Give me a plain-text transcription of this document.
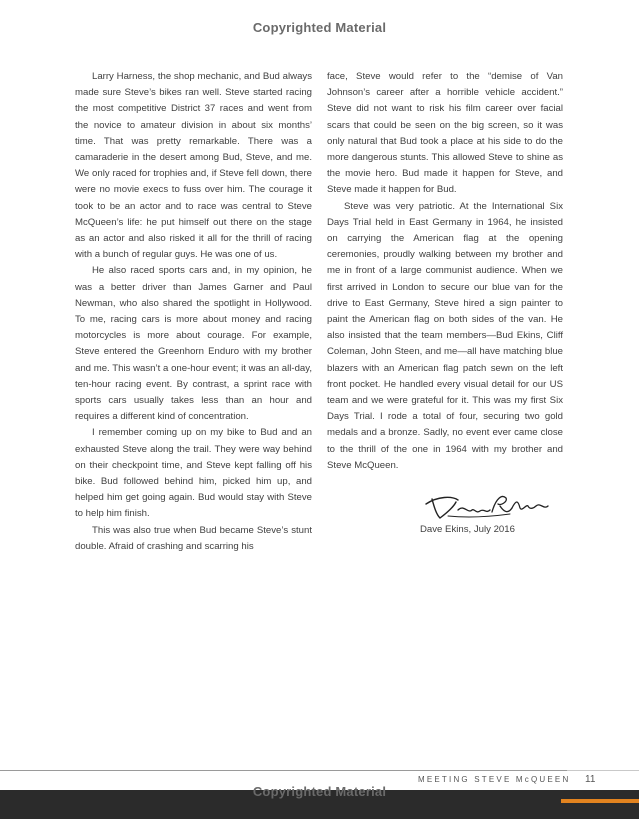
Copyrighted Material

Larry Harness, the shop mechanic, and Bud always made sure Steve’s bikes ran well. Steve started racing the most competitive District 37 races and went from the novice to amateur division in about six months’ time. That was pretty remarkable. There was a camaraderie in the desert among Bud, Steve, and me. We only raced for trophies and, if Steve fell down, there were no movie execs to fuss over him. The courage it took to be an actor and to race was central to Steve McQueen’s life: he put himself out there on the stage as an actor and also risked it all for the thrill of racing with a bunch of regular guys. He was one of us.

He also raced sports cars and, in my opinion, he was a better driver than James Garner and Paul Newman, who also shared the spotlight in Hollywood. To me, racing cars is more about money and racing motorcycles is more about courage. For example, Steve entered the Greenhorn Enduro with my brother and me. This wasn’t a one-hour event; it was an all-day, ten-hour racing event. By contrast, a sprint race with sports cars usually takes less than an hour and requires a different kind of concentration.

I remember coming up on my bike to Bud and an exhausted Steve along the trail. They were way behind on their checkpoint time, and Steve kept falling off his bike. Bud followed behind him, picked him up, and helped him get going again. Bud would stay with Steve to help him finish.

This was also true when Bud became Steve’s stunt double. Afraid of crashing and scarring his

face, Steve would refer to the “demise of Van Johnson’s career after a horrible vehicle accident.” Steve did not want to risk his film career over facial scars that could be seen on the big screen, so it was only natural that Bud took a place at his side to do the more dangerous stunts. This allowed Steve to shine as the movie hero. Bud made it happen for Steve, and Steve made it happen for Bud.

Steve was very patriotic. At the International Six Days Trial held in East Germany in 1964, he insisted on carrying the American flag at the opening ceremonies, proudly walking between my brother and me in front of a large communist audience. When we first arrived in London to secure our blue van for the drive to East Germany, Steve hired a sign painter to paint the American flag on both sides of the van. He also insisted that the team members—Bud Ekins, Cliff Coleman, John Steen, and me—all have matching blue blazers with an American flag patch sewn on the left front pocket. He handled every visual detail for our US team and we were grateful for it. This was my first Six Days Trial. I rode a total of four, securing two gold medals and a bronze. Sadly, no event ever came close to the thrill of the one in 1964 with my brother and Steve McQueen.

Dave Ekins, July 2016
MEETING STEVE McQUEEN 11
Copyrighted Material
